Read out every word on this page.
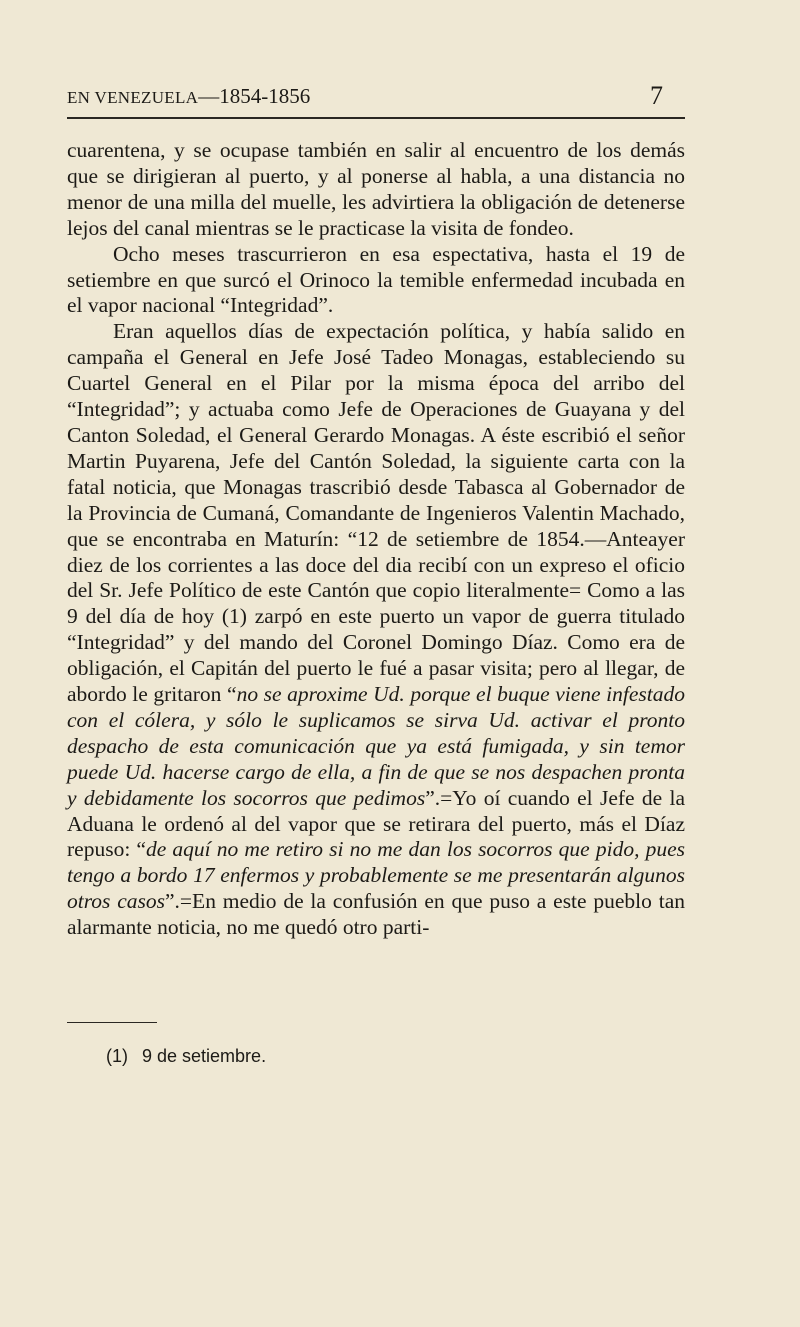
EN VENEZUELA—1854-1856	7

cuarentena, y se ocupase también en salir al encuentro de los demás que se dirigieran al puerto, y al ponerse al habla, a una distancia no menor de una milla del muelle, les advirtiera la obligación de detenerse lejos del canal mientras se le practicase la visita de fondeo.

Ocho meses trascurrieron en esa espectativa, hasta el 19 de setiembre en que surcó el Orinoco la temible enfermedad incubada en el vapor nacional “Integridad”.

Eran aquellos días de expectación política, y había salido en campaña el General en Jefe José Tadeo Monagas, estableciendo su Cuartel General en el Pilar por la misma época del arribo del “Integridad”; y actuaba como Jefe de Operaciones de Guayana y del Canton Soledad, el General Gerardo Monagas. A éste escribió el señor Martin Puyarena, Jefe del Cantón Soledad, la siguiente carta con la fatal noticia, que Monagas trascribió desde Tabasca al Gobernador de la Provincia de Cumaná, Comandante de Ingenieros Valentin Machado, que se encontraba en Maturín: “12 de setiembre de 1854.—Anteayer diez de los corrientes a las doce del dia recibí con un expreso el oficio del Sr. Jefe Político de este Cantón que copio literalmente= Como a las 9 del día de hoy (1) zarpó en este puerto un vapor de guerra titulado “Integridad” y del mando del Coronel Domingo Díaz. Como era de obligación, el Capitán del puerto le fué a pasar visita; pero al llegar, de abordo le gritaron “no se aproxime Ud. porque el buque viene infestado con el cólera, y sólo le suplicamos se sirva Ud. activar el pronto despacho de esta comunicación que ya está fumigada, y sin temor puede Ud. hacerse cargo de ella, a fin de que se nos despachen pronta y debidamente los socorros que pedimos”.=Yo oí cuando el Jefe de la Aduana le ordenó al del vapor que se retirara del puerto, más el Díaz repuso: “de aquí no me retiro si no me dan los socorros que pido, pues tengo a bordo 17 enfermos y probablemente se me presentarán algunos otros casos”.=En medio de la confusión en que puso a este pueblo tan alarmante noticia, no me quedó otro parti-

(1) 9 de setiembre.
